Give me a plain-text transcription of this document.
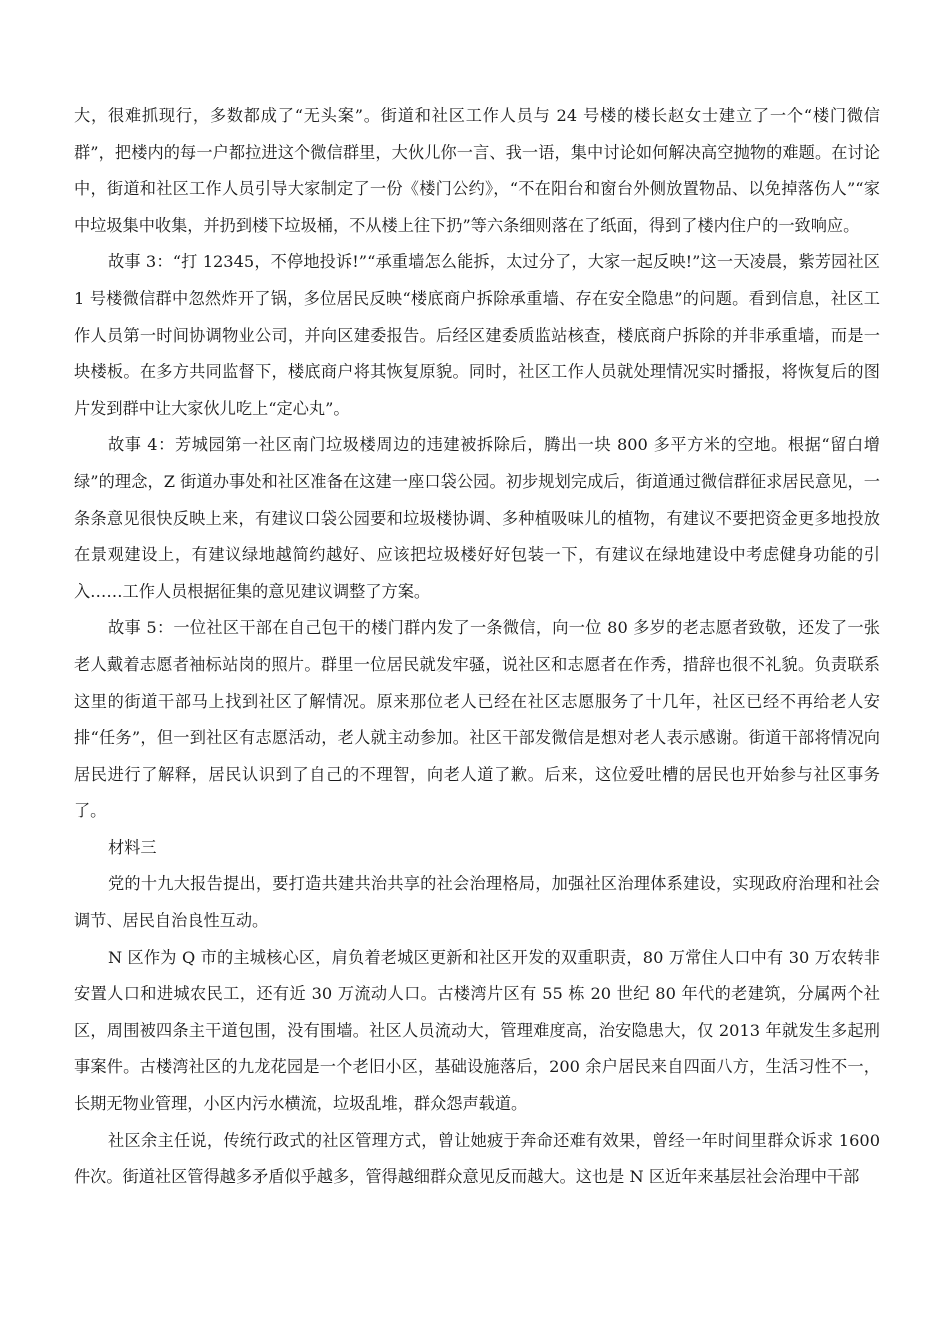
大，很难抓现行，多数都成了“无头案”。街道和社区工作人员与 24 号楼的楼长赵女士建立了一个“楼门微信群”，把楼内的每一户都拉进这个微信群里，大伙儿你一言、我一语，集中讨论如何解决高空抛物的难题。在讨论中，街道和社区工作人员引导大家制定了一份《楼门公约》，“不在阳台和窗台外侧放置物品、以免掉落伤人”“家中垃圾集中收集，并扔到楼下垃圾桶，不从楼上往下扔”等六条细则落在了纸面，得到了楼内住户的一致响应。

故事 3：“打 12345，不停地投诉!”“承重墙怎么能拆，太过分了，大家一起反映!”这一天凌晨，紫芳园社区 1 号楼微信群中忽然炸开了锅，多位居民反映“楼底商户拆除承重墙、存在安全隐患”的问题。看到信息，社区工作人员第一时间协调物业公司，并向区建委报告。后经区建委质监站核查，楼底商户拆除的并非承重墙，而是一块楼板。在多方共同监督下，楼底商户将其恢复原貌。同时，社区工作人员就处理情况实时播报，将恢复后的图片发到群中让大家伙儿吃上“定心丸”。

故事 4：芳城园第一社区南门垃圾楼周边的违建被拆除后，腾出一块 800 多平方米的空地。根据“留白增绿”的理念，Z 街道办事处和社区准备在这建一座口袋公园。初步规划完成后，街道通过微信群征求居民意见，一条条意见很快反映上来，有建议口袋公园要和垃圾楼协调、多种植吸味儿的植物，有建议不要把资金更多地投放在景观建设上，有建议绿地越简约越好、应该把垃圾楼好好包装一下，有建议在绿地建设中考虑健身功能的引入……工作人员根据征集的意见建议调整了方案。

故事 5：一位社区干部在自己包干的楼门群内发了一条微信，向一位 80 多岁的老志愿者致敬，还发了一张老人戴着志愿者袖标站岗的照片。群里一位居民就发牢骚，说社区和志愿者在作秀，措辞也很不礼貌。负责联系这里的街道干部马上找到社区了解情况。原来那位老人已经在社区志愿服务了十几年，社区已经不再给老人安排“任务”，但一到社区有志愿活动，老人就主动参加。社区干部发微信是想对老人表示感谢。街道干部将情况向居民进行了解释，居民认识到了自己的不理智，向老人道了歉。后来，这位爱吐槽的居民也开始参与社区事务了。

材料三

党的十九大报告提出，要打造共建共治共享的社会治理格局，加强社区治理体系建设，实现政府治理和社会调节、居民自治良性互动。

N 区作为 Q 市的主城核心区，肩负着老城区更新和社区开发的双重职责，80 万常住人口中有 30 万农转非安置人口和进城农民工，还有近 30 万流动人口。古楼湾片区有 55 栋 20 世纪 80 年代的老建筑，分属两个社区，周围被四条主干道包围，没有围墙。社区人员流动大，管理难度高，治安隐患大，仅 2013 年就发生多起刑事案件。古楼湾社区的九龙花园是一个老旧小区，基础设施落后，200 余户居民来自四面八方，生活习性不一，长期无物业管理，小区内污水横流，垃圾乱堆，群众怨声载道。

社区余主任说，传统行政式的社区管理方式，曾让她疲于奔命还难有效果，曾经一年时间里群众诉求 1600 件次。街道社区管得越多矛盾似乎越多，管得越细群众意见反而越大。这也是 N 区近年来基层社会治理中干部
